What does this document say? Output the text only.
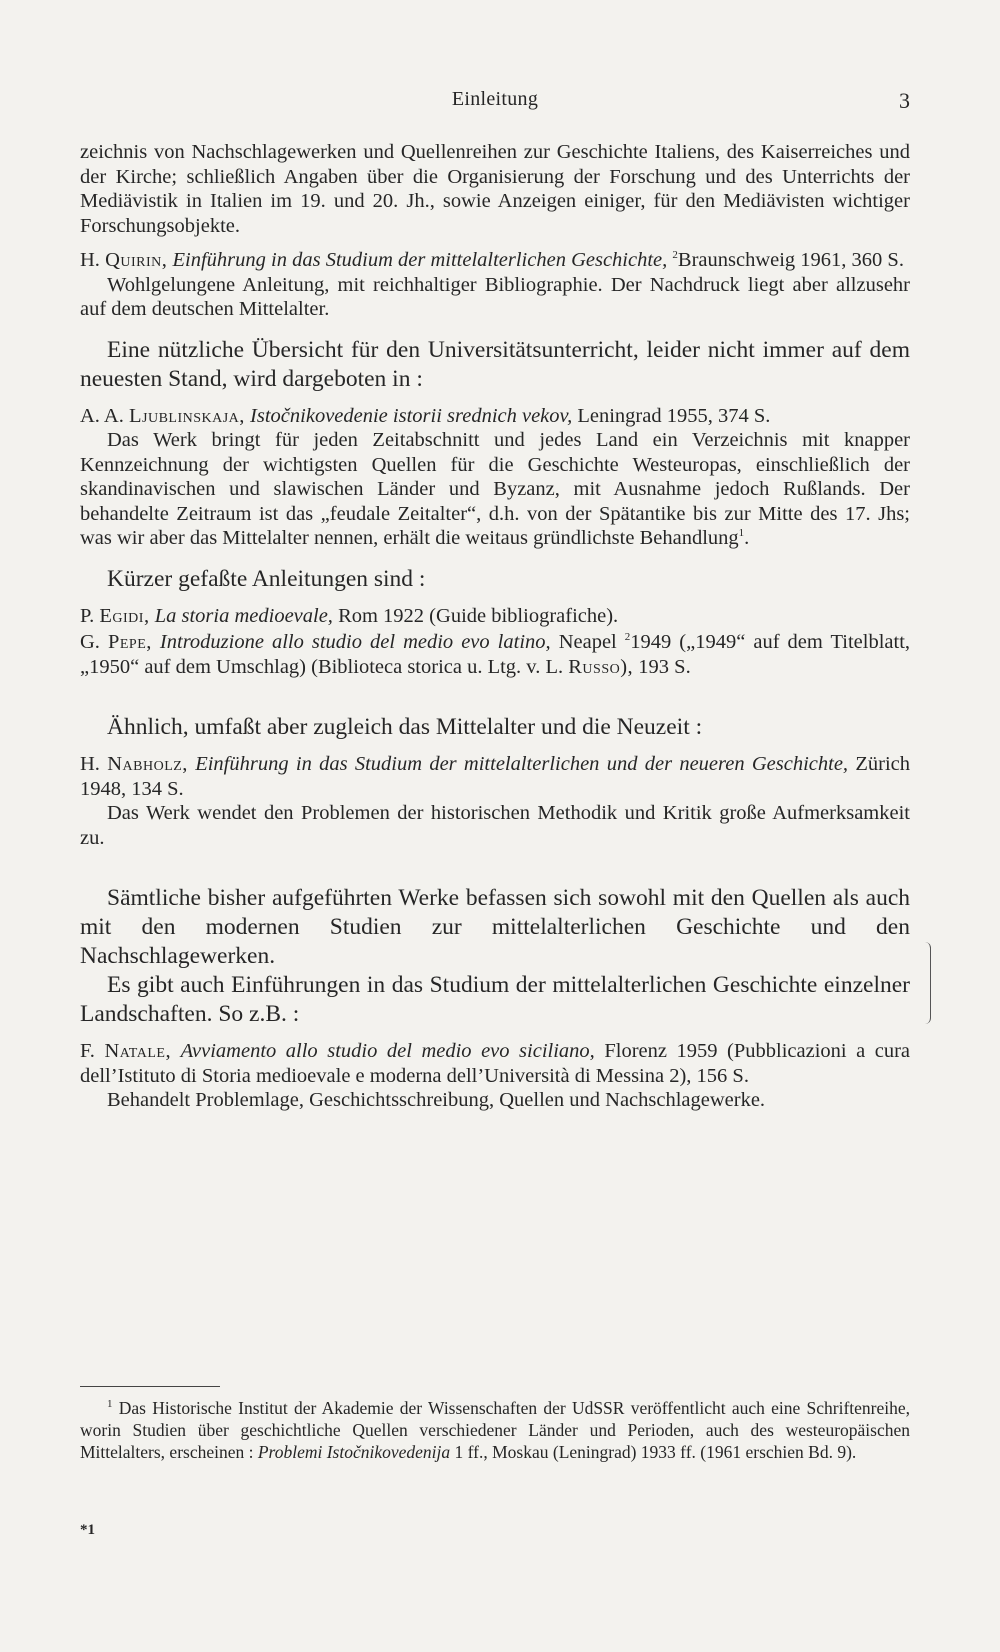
Einleitung	3

zeichnis von Nachschlagewerken und Quellenreihen zur Geschichte Italiens, des Kaiserreiches und der Kirche; schließlich Angaben über die Organisierung der Forschung und des Unterrichts der Mediävistik in Italien im 19. und 20. Jh., sowie Anzeigen einiger, für den Mediävisten wichtiger Forschungsobjekte.

H. Quirin, Einführung in das Studium der mittelalterlichen Geschichte, $^2$Braunschweig 1961, 360 S.

Wohlgelungene Anleitung, mit reichhaltiger Bibliographie. Der Nachdruck liegt aber allzusehr auf dem deutschen Mittelalter.

Eine nützliche Übersicht für den Universitätsunterricht, leider nicht immer auf dem neuesten Stand, wird dargeboten in :

A. A. Ljublinskaja, Istočnikovedenie istorii srednich vekov, Leningrad 1955, 374 S.

Das Werk bringt für jeden Zeitabschnitt und jedes Land ein Verzeichnis mit knapper Kennzeichnung der wichtigsten Quellen für die Geschichte Westeuropas, einschließlich der skandinavischen und slawischen Länder und Byzanz, mit Ausnahme jedoch Rußlands. Der behandelte Zeitraum ist das „feudale Zeitalter“, d.h. von der Spätantike bis zur Mitte des 17. Jhs; was wir aber das Mittelalter nennen, erhält die weitaus gründlichste Behandlung$^1$.

Kürzer gefaßte Anleitungen sind :

P. Egidi, La storia medioevale, Rom 1922 (Guide bibliografiche).

G. Pepe, Introduzione allo studio del medio evo latino, Neapel $^2$1949 („1949“ auf dem Titelblatt, „1950“ auf dem Umschlag) (Biblioteca storica u. Ltg. v. L. Russo), 193 S.

Ähnlich, umfaßt aber zugleich das Mittelalter und die Neuzeit :

H. Nabholz, Einführung in das Studium der mittelalterlichen und der neueren Geschichte, Zürich 1948, 134 S.

Das Werk wendet den Problemen der historischen Methodik und Kritik große Aufmerksamkeit zu.

Sämtliche bisher aufgeführten Werke befassen sich sowohl mit den Quellen als auch mit den modernen Studien zur mittelalterlichen Geschichte und den Nachschlagewerken.

Es gibt auch Einführungen in das Studium der mittelalterlichen Geschichte einzelner Landschaften. So z.B. :

F. Natale, Avviamento allo studio del medio evo siciliano, Florenz 1959 (Pubblicazioni a cura dell’Istituto di Storia medioevale e moderna dell’Università di Messina 2), 156 S.

Behandelt Problemlage, Geschichtsschreibung, Quellen und Nachschlagewerke.

$^1$ Das Historische Institut der Akademie der Wissenschaften der UdSSR veröffentlicht auch eine Schriftenreihe, worin Studien über geschichtliche Quellen verschiedener Länder und Perioden, auch des westeuropäischen Mittelalters, erscheinen : Problemi Istočnikovedenija 1 ff., Moskau (Leningrad) 1933 ff. (1961 erschien Bd. 9).

*1
